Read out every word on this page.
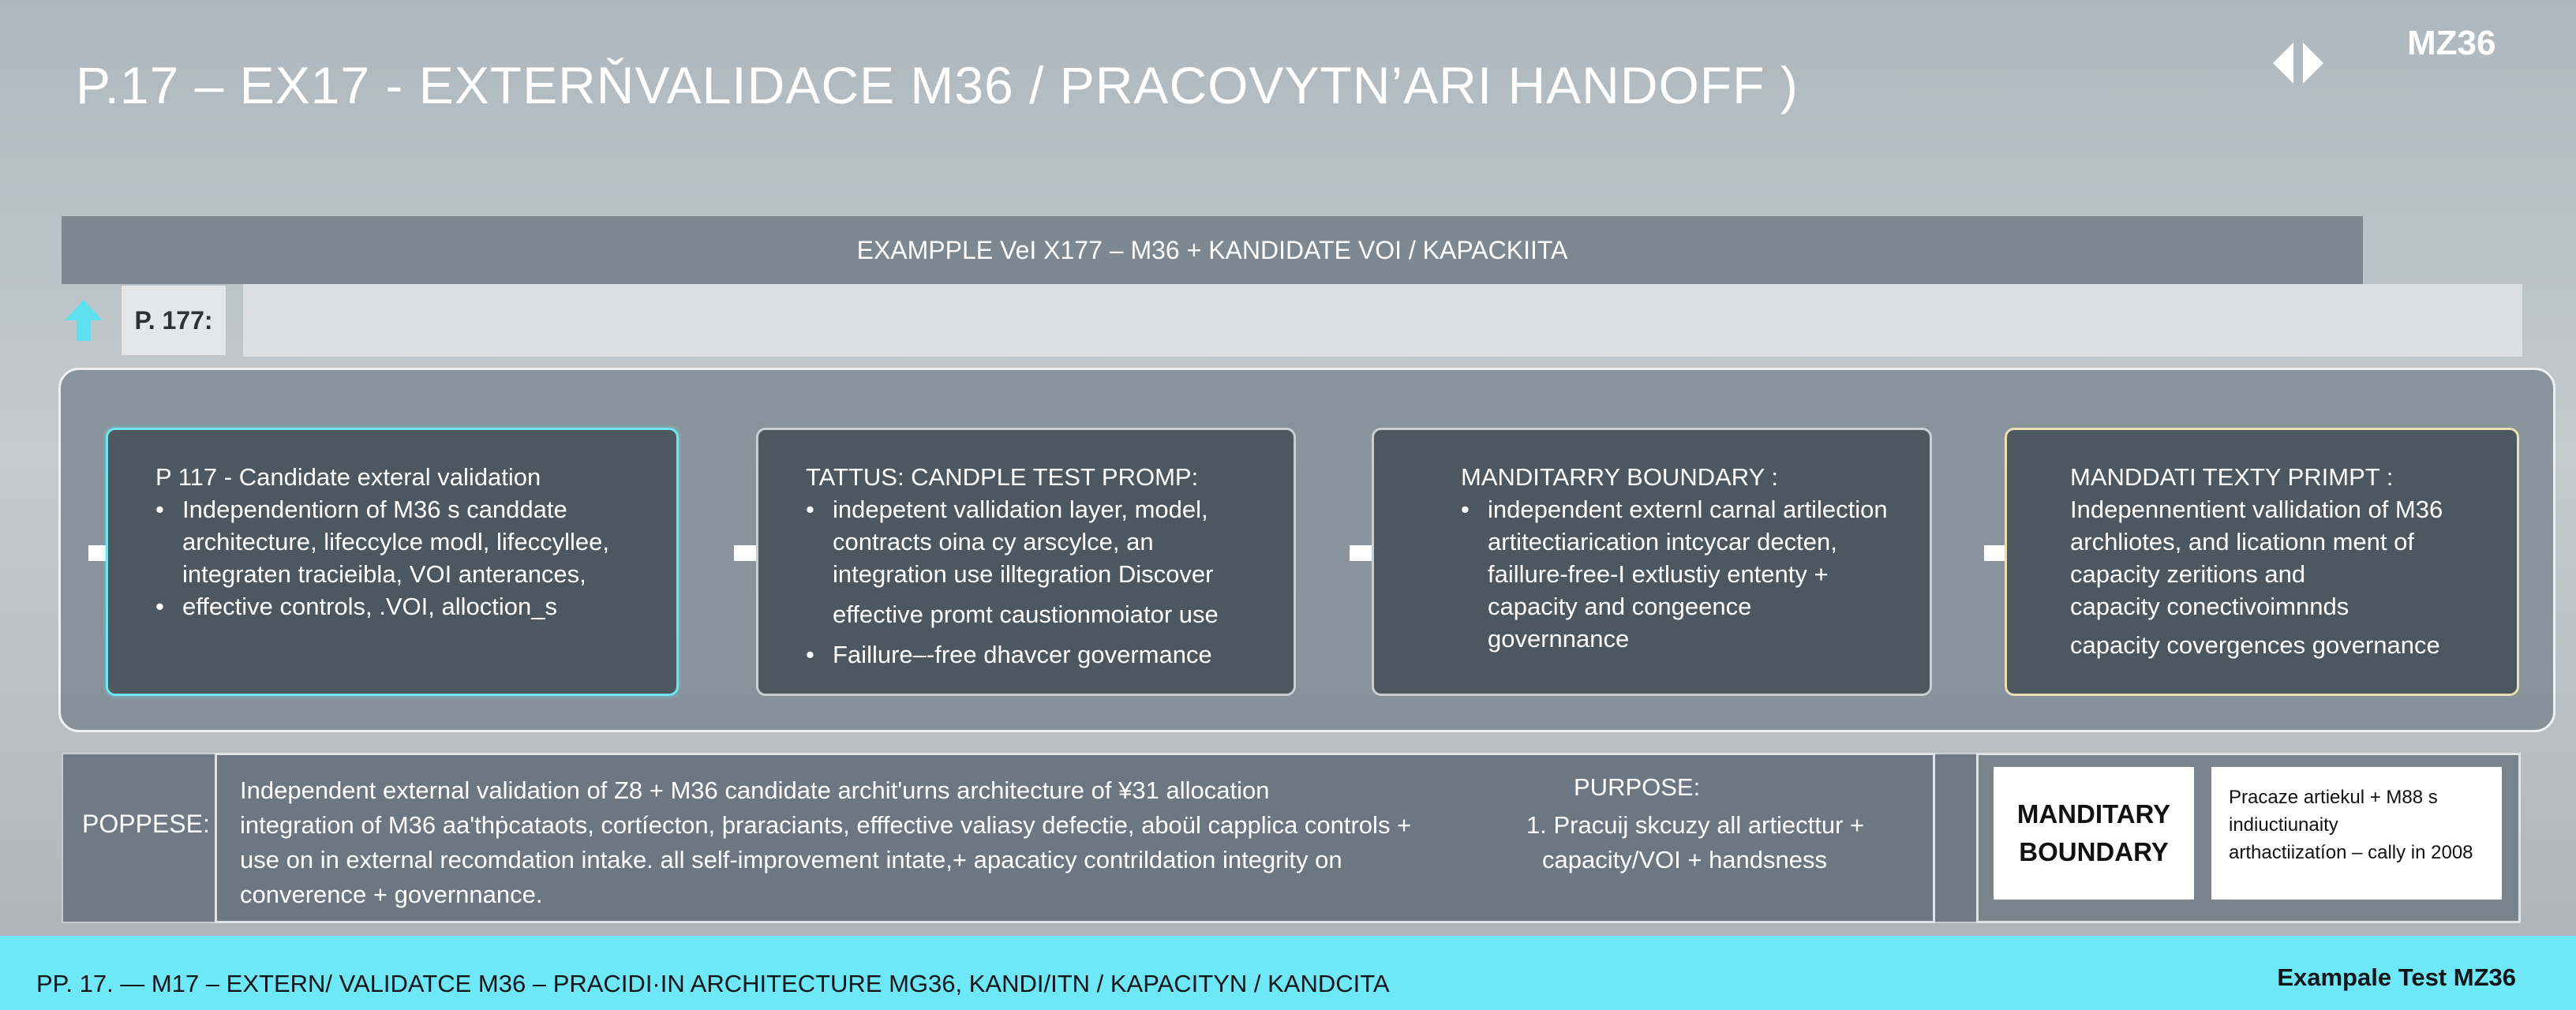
P.17 – EX17 - EXTERŇVALIDACE M36 / PRACOVYTN’ARI HANDOFF )
MZ36
EXAMPPLE VeI X177 – M36 + KANDIDATE VOI / KAPACKIITA
P. 177:
P 117 - Candidate exteral validation
• Independentiorn of M36 s canddate architecture, lifeccylce modl, lifeccyllee, integraten tracieibla, VOI anterances,
• effective controls, .VOI, alloction_s
TATTUS: CANDPLE TEST PROMP:
• indepetent vallidation layer, model, contracts oina cy arscylce, an integration use illtegration Discover
effective promt caustionmoiator use
• Faillure–-free dhavcer govermance
MANDITARRY BOUNDARY :
• independent externl carnal artilection artitectiarication intcycar decten, faillure-free-I extlustiy ententy + capacity and congeence governnance
MANDDATI TEXTY PRIMPT :
Indepennentient vallidation of M36
archliotes, and licationn ment of
capacity zeritions and
capacity conectivoimnnds
capacity covergences governance
POPPESE:
Independent external validation of Z8 + M36 candidate archit'urns architecture of ¥31 allocation
integration of M36 aa'thṗcataots, cortíecton, þraraciants, efffective valiasy defectie, aboül capplica controls +
use on in external recomdation intake. all self-improvement intate,+ apacaticy contrildation integrity on
converence + governnance.
PURPOSE:
1. Pracuij skcuzy all artiecttur +
capacity/VOI + handsness
MANDITARY
BOUNDARY
Pracaze artiekul + M88 s
indiuctiunaity
arthactiizatíon – cally in 2008
PP. 17. — M17 – EXTERN/ VALIDATCE M36 – PRACIDI·IN ARCHITECTURE MG36, KANDI/ITN / KAPACITYN / KANDCITA	Exampale Test MZ36
